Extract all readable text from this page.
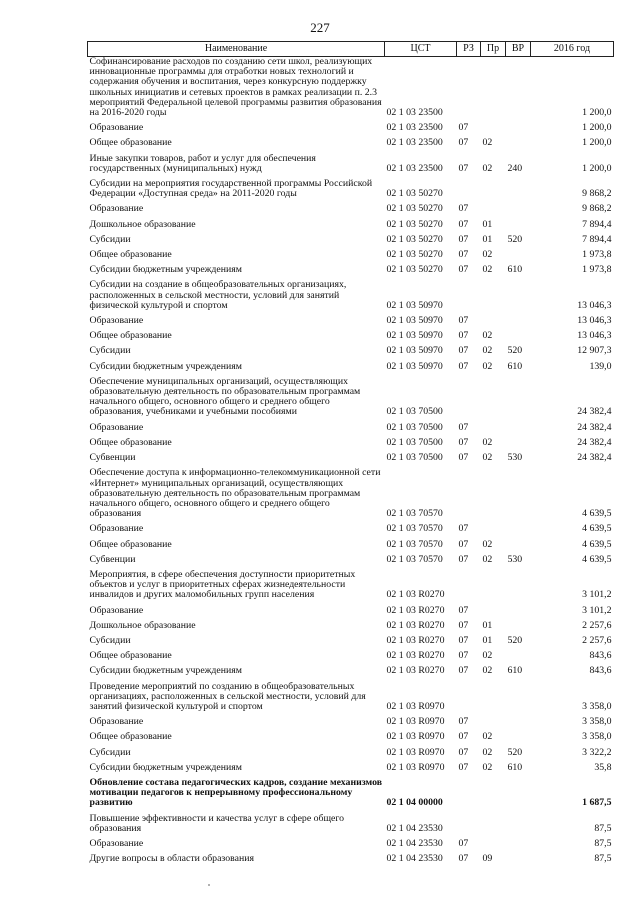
227
Наименование	ЦСТ	РЗ	Пр	ВР	2016 год
Софинансирование расходов по созданию сети школ, реализующих инновационные программы для отработки новых технологий и содержания обучения и воспитания, через конкурсную поддержку школьных инициатив и сетевых проектов в рамках реализации п. 2.3 мероприятий Федеральной целевой программы развития образования на 2016-2020 годы	02 1 03 23500				1 200,0

Образование	02 1 03 23500	07			1 200,0

Общее образование	02 1 03 23500	07	02		1 200,0

Иные закупки товаров, работ и услуг для обеспечения государственных (муниципальных) нужд	02 1 03 23500	07	02	240	1 200,0

Субсидии на мероприятия государственной программы Российской Федерации «Доступная среда» на 2011-2020 годы	02 1 03 50270				9 868,2

Образование	02 1 03 50270	07			9 868,2

Дошкольное образование	02 1 03 50270	07	01		7 894,4

Субсидии	02 1 03 50270	07	01	520	7 894,4

Общее образование	02 1 03 50270	07	02		1 973,8

Субсидии бюджетным учреждениям	02 1 03 50270	07	02	610	1 973,8

Субсидии на создание в общеобразовательных организациях, расположенных в сельской местности, условий для занятий физической культурой и спортом	02 1 03 50970				13 046,3

Образование	02 1 03 50970	07			13 046,3

Общее образование	02 1 03 50970	07	02		13 046,3

Субсидии	02 1 03 50970	07	02	520	12 907,3

Субсидии бюджетным учреждениям	02 1 03 50970	07	02	610	139,0

Обеспечение муниципальных организаций, осуществляющих образовательную деятельность по образовательным программам начального общего, основного общего и среднего общего образования, учебниками и учебными пособиями	02 1 03 70500				24 382,4

Образование	02 1 03 70500	07			24 382,4

Общее образование	02 1 03 70500	07	02		24 382,4

Субвенции	02 1 03 70500	07	02	530	24 382,4

Обеспечение доступа к информационно-телекоммуникационной сети «Интернет» муниципальных организаций, осуществляющих образовательную деятельность по образовательным программам начального общего, основного общего и среднего общего образования	02 1 03 70570				4 639,5

Образование	02 1 03 70570	07			4 639,5

Общее образование	02 1 03 70570	07	02		4 639,5

Субвенции	02 1 03 70570	07	02	530	4 639,5

Мероприятия, в сфере обеспечения доступности приоритетных объектов и услуг в приоритетных сферах жизнедеятельности инвалидов и других маломобильных групп населения	02 1 03 R0270				3 101,2

Образование	02 1 03 R0270	07			3 101,2

Дошкольное образование	02 1 03 R0270	07	01		2 257,6

Субсидии	02 1 03 R0270	07	01	520	2 257,6

Общее образование	02 1 03 R0270	07	02		843,6

Субсидии бюджетным учреждениям	02 1 03 R0270	07	02	610	843,6

Проведение мероприятий по созданию в общеобразовательных организациях, расположенных в сельской местности, условий для занятий физической культурой и спортом	02 1 03 R0970				3 358,0

Образование	02 1 03 R0970	07			3 358,0

Общее образование	02 1 03 R0970	07	02		3 358,0

Субсидии	02 1 03 R0970	07	02	520	3 322,2

Субсидии бюджетным учреждениям	02 1 03 R0970	07	02	610	35,8

Обновление состава педагогических кадров, создание механизмов мотивации педагогов к непрерывному профессиональному развитию	02 1 04 00000				1 687,5

Повышение эффективности и качества услуг в сфере общего образования	02 1 04 23530				87,5

Образование	02 1 04 23530	07			87,5

Другие вопросы в области образования	02 1 04 23530	07	09		87,5
